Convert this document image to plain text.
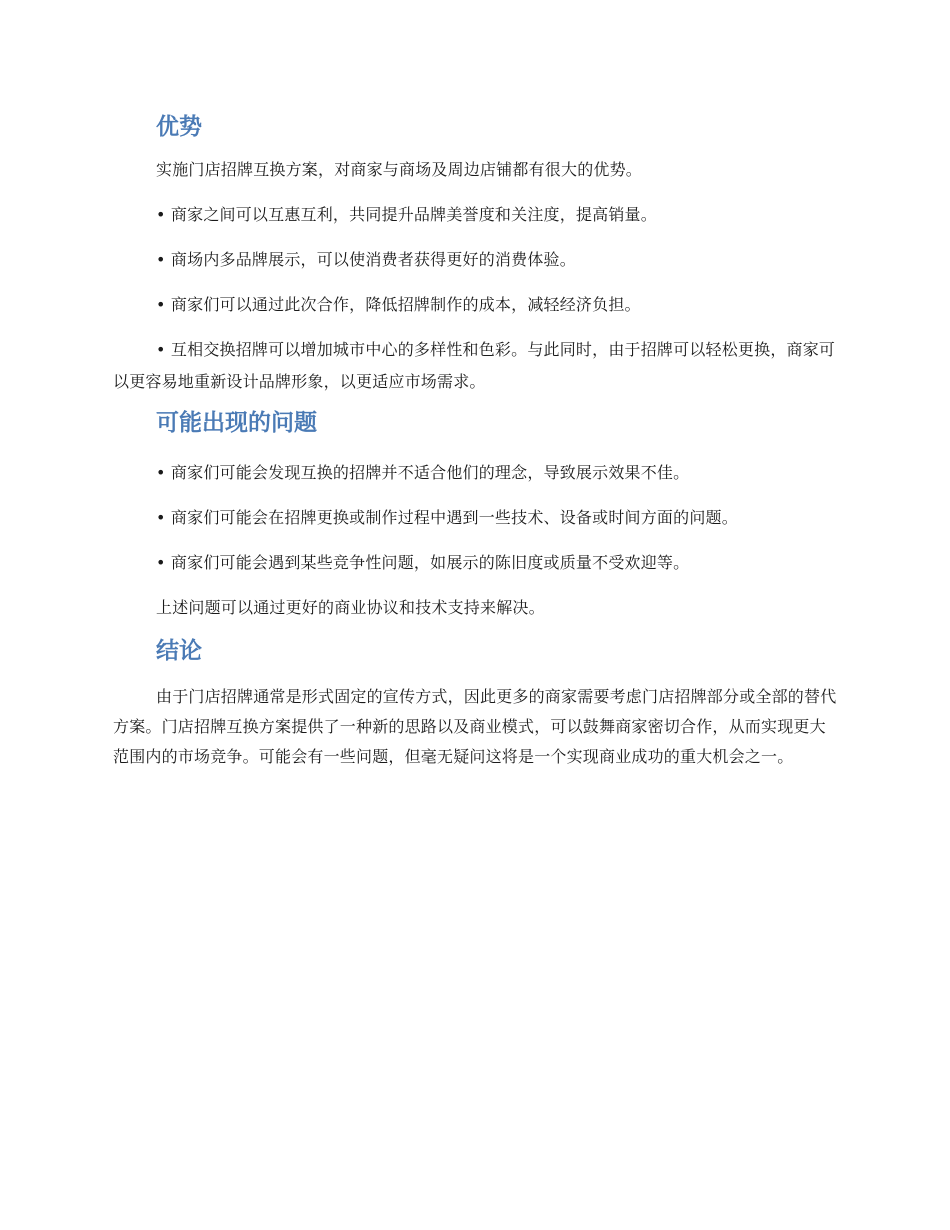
优势

实施门店招牌互换方案，对商家与商场及周边店铺都有很大的优势。

• 商家之间可以互惠互利，共同提升品牌美誉度和关注度，提高销量。

• 商场内多品牌展示，可以使消费者获得更好的消费体验。

• 商家们可以通过此次合作，降低招牌制作的成本，减轻经济负担。

• 互相交换招牌可以增加城市中心的多样性和色彩。与此同时，由于招牌可以轻松更换，商家可以更容易地重新设计品牌形象，以更适应市场需求。

可能出现的问题

• 商家们可能会发现互换的招牌并不适合他们的理念，导致展示效果不佳。

• 商家们可能会在招牌更换或制作过程中遇到一些技术、设备或时间方面的问题。

• 商家们可能会遇到某些竞争性问题，如展示的陈旧度或质量不受欢迎等。

上述问题可以通过更好的商业协议和技术支持来解决。

结论

由于门店招牌通常是形式固定的宣传方式，因此更多的商家需要考虑门店招牌部分或全部的替代方案。门店招牌互换方案提供了一种新的思路以及商业模式，可以鼓舞商家密切合作，从而实现更大范围内的市场竞争。可能会有一些问题，但毫无疑问这将是一个实现商业成功的重大机会之一。
